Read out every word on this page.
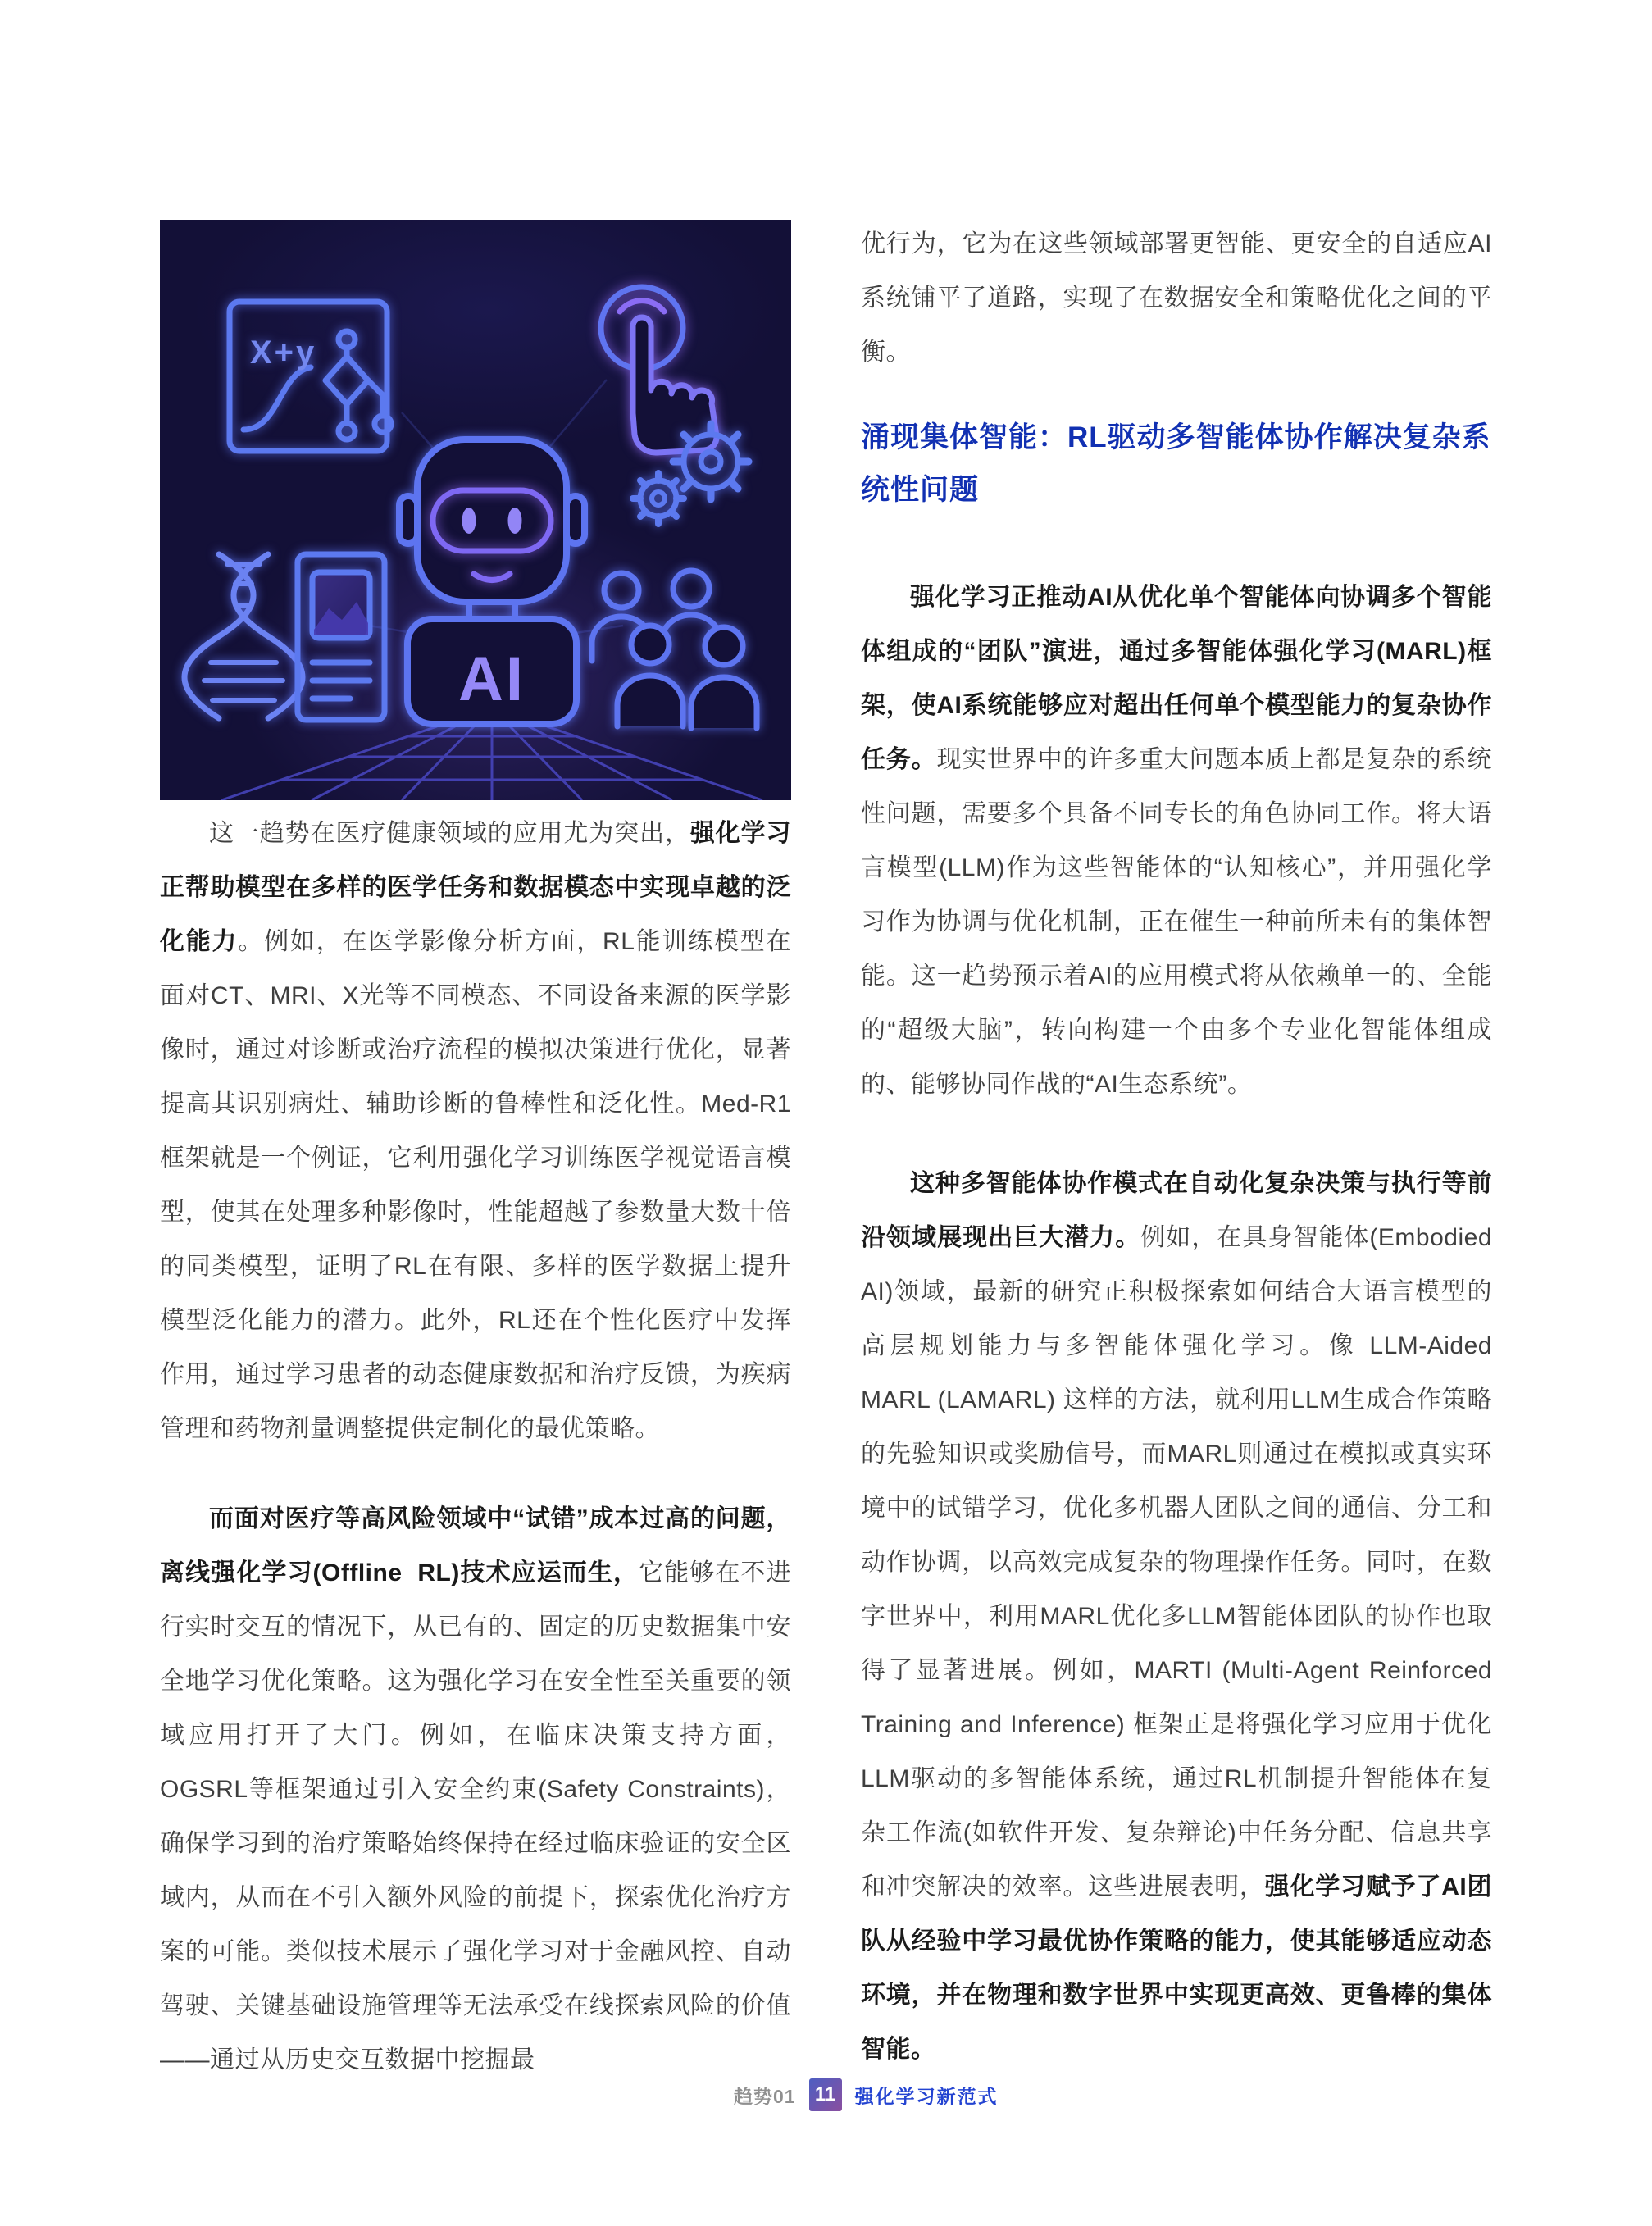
X+y
AI

这一趋势在医疗健康领域的应用尤为突出，强化学习正帮助模型在多样的医学任务和数据模态中实现卓越的泛化能力。例如，在医学影像分析方面，RL能训练模型在面对CT、MRI、X光等不同模态、不同设备来源的医学影像时，通过对诊断或治疗流程的模拟决策进行优化，显著提高其识别病灶、辅助诊断的鲁棒性和泛化性。Med-R1框架就是一个例证，它利用强化学习训练医学视觉语言模型，使其在处理多种影像时，性能超越了参数量大数十倍的同类模型，证明了RL在有限、多样的医学数据上提升模型泛化能力的潜力。此外，RL还在个性化医疗中发挥作用，通过学习患者的动态健康数据和治疗反馈，为疾病管理和药物剂量调整提供定制化的最优策略。

而面对医疗等高风险领域中“试错”成本过高的问题，离线强化学习(Offline  RL)技术应运而生，它能够在不进行实时交互的情况下，从已有的、固定的历史数据集中安全地学习优化策略。这为强化学习在安全性至关重要的领域应用打开了大门。例如，在临床决策支持方面，OGSRL等框架通过引入安全约束(Safety Constraints)，确保学习到的治疗策略始终保持在经过临床验证的安全区域内，从而在不引入额外风险的前提下，探索优化治疗方案的可能。类似技术展示了强化学习对于金融风控、自动驾驶、关键基础设施管理等无法承受在线探索风险的价值——通过从历史交互数据中挖掘最

优行为，它为在这些领域部署更智能、更安全的自适应AI系统铺平了道路，实现了在数据安全和策略优化之间的平衡。

涌现集体智能：RL驱动多智能体协作解决复杂系统性问题

强化学习正推动AI从优化单个智能体向协调多个智能体组成的“团队”演进，通过多智能体强化学习(MARL)框架，使AI系统能够应对超出任何单个模型能力的复杂协作任务。现实世界中的许多重大问题本质上都是复杂的系统性问题，需要多个具备不同专长的角色协同工作。将大语言模型(LLM)作为这些智能体的“认知核心”，并用强化学习作为协调与优化机制，正在催生一种前所未有的集体智能。这一趋势预示着AI的应用模式将从依赖单一的、全能的“超级大脑”，转向构建一个由多个专业化智能体组成的、能够协同作战的“AI生态系统”。

这种多智能体协作模式在自动化复杂决策与执行等前沿领域展现出巨大潜力。例如，在具身智能体(Embodied AI)领域，最新的研究正积极探索如何结合大语言模型的高层规划能力与多智能体强化学习。像 LLM-Aided MARL (LAMARL) 这样的方法，就利用LLM生成合作策略的先验知识或奖励信号，而MARL则通过在模拟或真实环境中的试错学习，优化多机器人团队之间的通信、分工和动作协调，以高效完成复杂的物理操作任务。同时，在数字世界中，利用MARL优化多LLM智能体团队的协作也取得了显著进展。例如，MARTI (Multi-Agent Reinforced Training and Inference) 框架正是将强化学习应用于优化LLM驱动的多智能体系统，通过RL机制提升智能体在复杂工作流(如软件开发、复杂辩论)中任务分配、信息共享和冲突解决的效率。这些进展表明，强化学习赋予了AI团队从经验中学习最优协作策略的能力，使其能够适应动态环境，并在物理和数字世界中实现更高效、更鲁棒的集体智能。

趋势01 11	强化学习新范式
